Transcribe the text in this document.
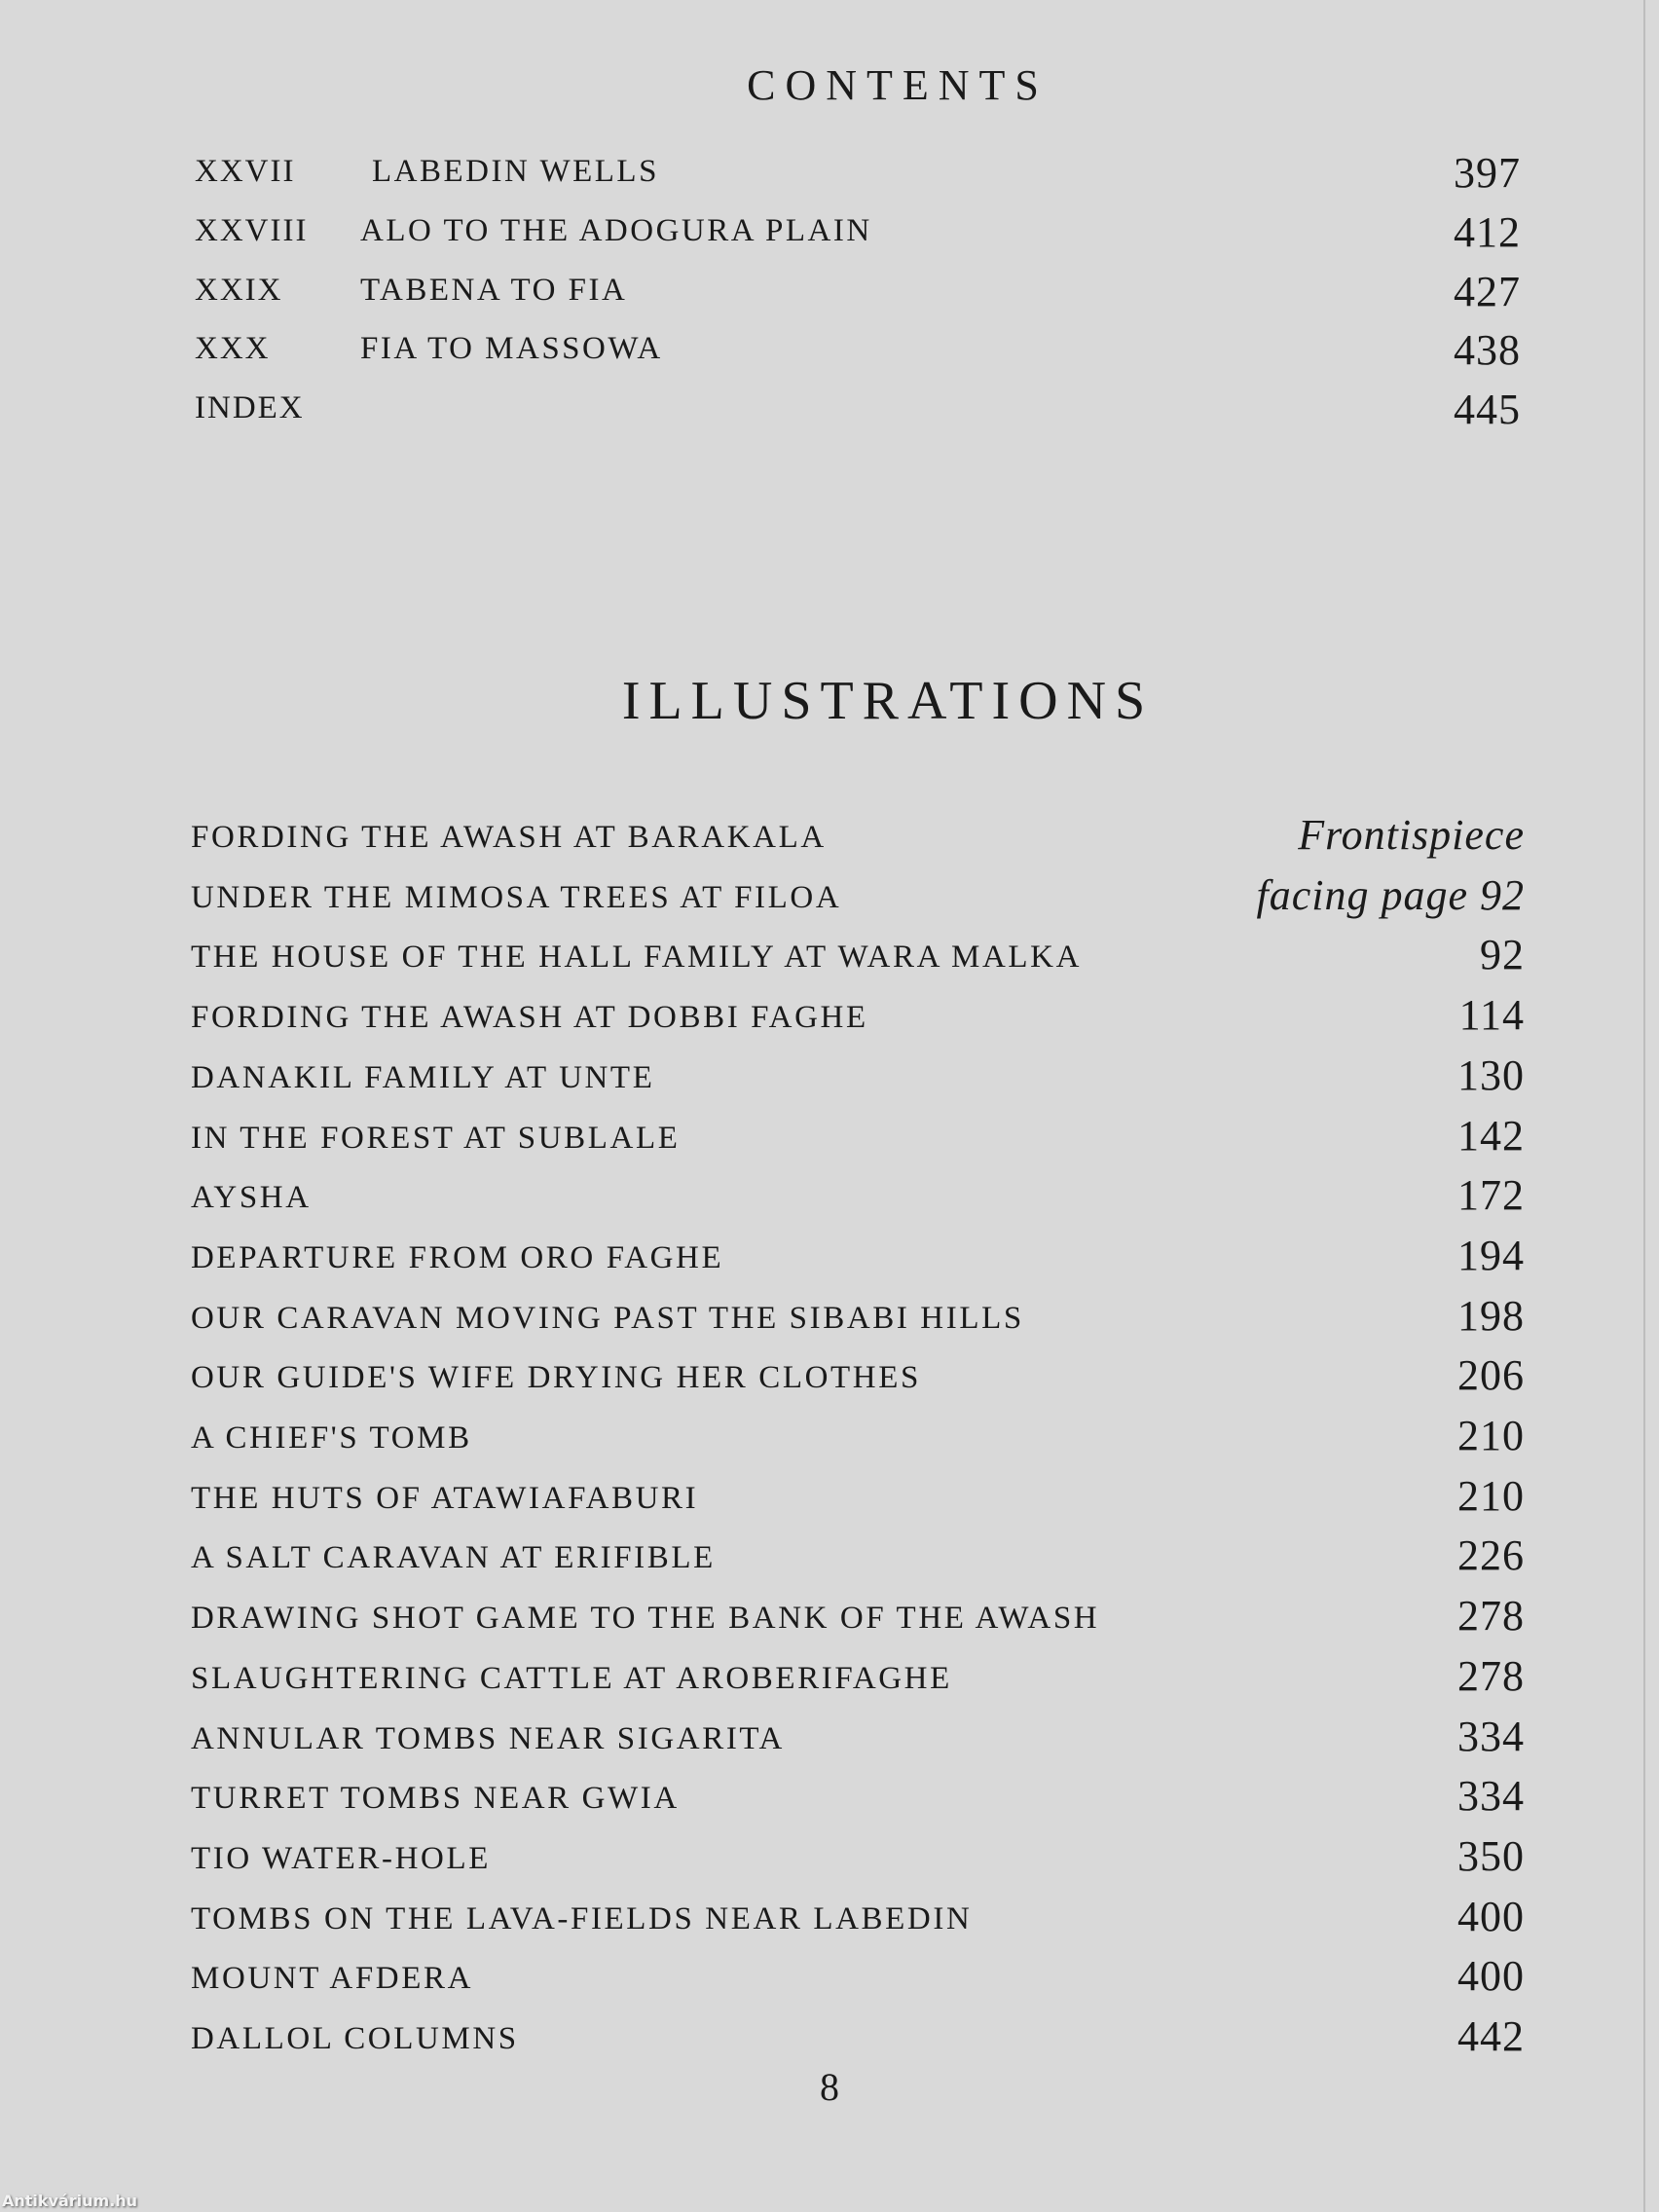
CONTENTS
XXVII LABEDIN WELLS	397
XXVIII ALO TO THE ADOGURA PLAIN	412
XXIX TABENA TO FIA	427
XXX	FIA TO MASSOWA	438
INDEX	445
ILLUSTRATIONS
FORDING THE AWASH AT BARAKALA	Frontispiece
UNDER THE MIMOSA TREES AT FILOA	facing page 92
THE HOUSE OF THE HALL FAMILY AT WARA MALKA	92
FORDING THE AWASH AT DOBBI FAGHE	114
DANAKIL FAMILY AT UNTE	130
IN THE FOREST AT SUBLALE	142
AYSHA	172
DEPARTURE FROM ORO FAGHE	194
OUR CARAVAN MOVING PAST THE SIBABI HILLS	198
OUR GUIDE'S WIFE DRYING HER CLOTHES	206
A CHIEF'S TOMB	210
THE HUTS OF ATAWIAFABURI	210
A SALT CARAVAN AT ERIFIBLE	226
DRAWING SHOT GAME TO THE BANK OF THE AWASH	278
SLAUGHTERING CATTLE AT AROBERIFAGHE	278
ANNULAR TOMBS NEAR SIGARITA	334
TURRET TOMBS NEAR GWIA	334
TIO WATER-HOLE	350
TOMBS ON THE LAVA-FIELDS NEAR LABEDIN	400
MOUNT AFDERA	400
DALLOL COLUMNS	442
8
Antikvárium.hu
